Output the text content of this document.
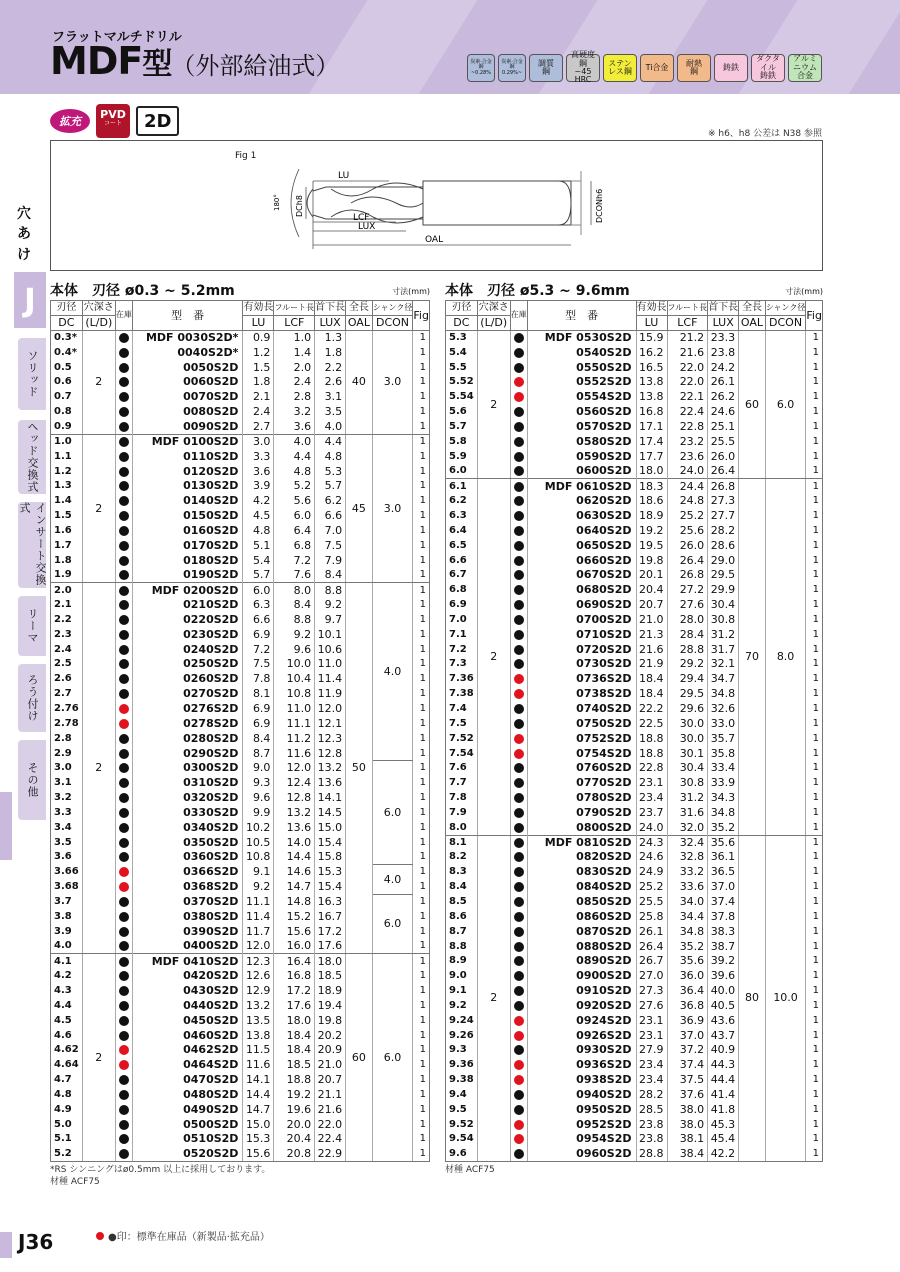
フラットマルチドリル
MDF型（外部給油式）	炭素·合金鋼
~0.28%
炭素·合金鋼
0.29%~
調質
鋼
高硬度鋼
~45
HRC
ステン
レス鋼	Ti合金	耐熱
鋼	鋳鉄
ダクタイル
鋳鉄
アルミニウム
合金
拡充
PVD
コート	2D
※ h6、h8 公差は N38 参照
Fig 1
LU
LCF
LUX
OAL
DCh8	DCONh6
180°
穴
あ
け
J
ソリッド
ヘッド交換式
インサート交換式
リーマ
ろう付け
その他
本体　刃径 ø0.3 ~ 5.2mm	寸法(mm)
刃径	穴深さ	在庫	型　番	有効長	フルート長	首下長	全長	シャンク径	Fig
DC	(L/D)			LU	LCF	LUX	OAL	DCON	
0.3*	2		MDF 0030S2D*	0.9	1.0	1.3	40	3.0	1
0.4*			0040S2D*	1.2	1.4	1.8			1
0.5			0050S2D	1.5	2.0	2.2			1
0.6			0060S2D	1.8	2.4	2.6			1
0.7			0070S2D	2.1	2.8	3.1			1
0.8			0080S2D	2.4	3.2	3.5			1
0.9			0090S2D	2.7	3.6	4.0			1
1.0	2		MDF 0100S2D	3.0	4.0	4.4	45	3.0	1
1.1			0110S2D	3.3	4.4	4.8			1
1.2			0120S2D	3.6	4.8	5.3			1
1.3			0130S2D	3.9	5.2	5.7			1
1.4			0140S2D	4.2	5.6	6.2			1
1.5			0150S2D	4.5	6.0	6.6			1
1.6			0160S2D	4.8	6.4	7.0			1
1.7			0170S2D	5.1	6.8	7.5			1
1.8			0180S2D	5.4	7.2	7.9			1
1.9			0190S2D	5.7	7.6	8.4			1
2.0	2		MDF 0200S2D	6.0	8.0	8.8	50	4.0	1
2.1			0210S2D	6.3	8.4	9.2			1
2.2			0220S2D	6.6	8.8	9.7			1
2.3			0230S2D	6.9	9.2	10.1			1
2.4			0240S2D	7.2	9.6	10.6			1
2.5			0250S2D	7.5	10.0	11.0			1
2.6			0260S2D	7.8	10.4	11.4			1
2.7			0270S2D	8.1	10.8	11.9			1
2.76			0276S2D	6.9	11.0	12.0			1
2.78			0278S2D	6.9	11.1	12.1			1
2.8			0280S2D	8.4	11.2	12.3			1
2.9			0290S2D	8.7	11.6	12.8			1
3.0			0300S2D	9.0	12.0	13.2		6.0	1
3.1			0310S2D	9.3	12.4	13.6			1
3.2			0320S2D	9.6	12.8	14.1			1
3.3			0330S2D	9.9	13.2	14.5			1
3.4			0340S2D	10.2	13.6	15.0			1
3.5			0350S2D	10.5	14.0	15.4			1
3.6			0360S2D	10.8	14.4	15.8			1
3.66			0366S2D	9.1	14.6	15.3		4.0	1
3.68			0368S2D	9.2	14.7	15.4			1
3.7			0370S2D	11.1	14.8	16.3		6.0	1
3.8			0380S2D	11.4	15.2	16.7			1
3.9			0390S2D	11.7	15.6	17.2			1
4.0			0400S2D	12.0	16.0	17.6			1
4.1	2		MDF 0410S2D	12.3	16.4	18.0	60	6.0	1
4.2			0420S2D	12.6	16.8	18.5			1
4.3			0430S2D	12.9	17.2	18.9			1
4.4			0440S2D	13.2	17.6	19.4			1
4.5			0450S2D	13.5	18.0	19.8			1
4.6			0460S2D	13.8	18.4	20.2			1
4.62			0462S2D	11.5	18.4	20.9			1
4.64			0464S2D	11.6	18.5	21.0			1
4.7			0470S2D	14.1	18.8	20.7			1
4.8			0480S2D	14.4	19.2	21.1			1
4.9			0490S2D	14.7	19.6	21.6			1
5.0			0500S2D	15.0	20.0	22.0			1
5.1			0510S2D	15.3	20.4	22.4			1
5.2			0520S2D	15.6	20.8	22.9			1
*RS シンニングはø0.5mm 以上に採用しております。
材種 ACF75
本体　刃径 ø5.3 ~ 9.6mm	寸法(mm)
刃径	穴深さ	在庫	型　番	有効長	フルート長	首下長	全長	シャンク径	Fig
DC	(L/D)			LU	LCF	LUX	OAL	DCON	
5.3	2		MDF 0530S2D	15.9	21.2	23.3	60	6.0	1
5.4			0540S2D	16.2	21.6	23.8			1
5.5			0550S2D	16.5	22.0	24.2			1
5.52			0552S2D	13.8	22.0	26.1			1
5.54			0554S2D	13.8	22.1	26.2			1
5.6			0560S2D	16.8	22.4	24.6			1
5.7			0570S2D	17.1	22.8	25.1			1
5.8			0580S2D	17.4	23.2	25.5			1
5.9			0590S2D	17.7	23.6	26.0			1
6.0			0600S2D	18.0	24.0	26.4			1
6.1	2		MDF 0610S2D	18.3	24.4	26.8	70	8.0	1
6.2			0620S2D	18.6	24.8	27.3			1
6.3			0630S2D	18.9	25.2	27.7			1
6.4			0640S2D	19.2	25.6	28.2			1
6.5			0650S2D	19.5	26.0	28.6			1
6.6			0660S2D	19.8	26.4	29.0			1
6.7			0670S2D	20.1	26.8	29.5			1
6.8			0680S2D	20.4	27.2	29.9			1
6.9			0690S2D	20.7	27.6	30.4			1
7.0			0700S2D	21.0	28.0	30.8			1
7.1			0710S2D	21.3	28.4	31.2			1
7.2			0720S2D	21.6	28.8	31.7			1
7.3			0730S2D	21.9	29.2	32.1			1
7.36			0736S2D	18.4	29.4	34.7			1
7.38			0738S2D	18.4	29.5	34.8			1
7.4			0740S2D	22.2	29.6	32.6			1
7.5			0750S2D	22.5	30.0	33.0			1
7.52			0752S2D	18.8	30.0	35.7			1
7.54			0754S2D	18.8	30.1	35.8			1
7.6			0760S2D	22.8	30.4	33.4			1
7.7			0770S2D	23.1	30.8	33.9			1
7.8			0780S2D	23.4	31.2	34.3			1
7.9			0790S2D	23.7	31.6	34.8			1
8.0			0800S2D	24.0	32.0	35.2			1
8.1	2		MDF 0810S2D	24.3	32.4	35.6	80	10.0	1
8.2			0820S2D	24.6	32.8	36.1			1
8.3			0830S2D	24.9	33.2	36.5			1
8.4			0840S2D	25.2	33.6	37.0			1
8.5			0850S2D	25.5	34.0	37.4			1
8.6			0860S2D	25.8	34.4	37.8			1
8.7			0870S2D	26.1	34.8	38.3			1
8.8			0880S2D	26.4	35.2	38.7			1
8.9			0890S2D	26.7	35.6	39.2			1
9.0			0900S2D	27.0	36.0	39.6			1
9.1			0910S2D	27.3	36.4	40.0			1
9.2			0920S2D	27.6	36.8	40.5			1
9.24			0924S2D	23.1	36.9	43.6			1
9.26			0926S2D	23.1	37.0	43.7			1
9.3			0930S2D	27.9	37.2	40.9			1
9.36			0936S2D	23.4	37.4	44.3			1
9.38			0938S2D	23.4	37.5	44.4			1
9.4			0940S2D	28.2	37.6	41.4			1
9.5			0950S2D	28.5	38.0	41.8			1
9.52			0952S2D	23.8	38.0	45.3			1
9.54			0954S2D	23.8	38.1	45.4			1
9.6			0960S2D	28.8	38.4	42.2			1
材種 ACF75
J36	●印：標準在庫品（新製品·拡充品）
